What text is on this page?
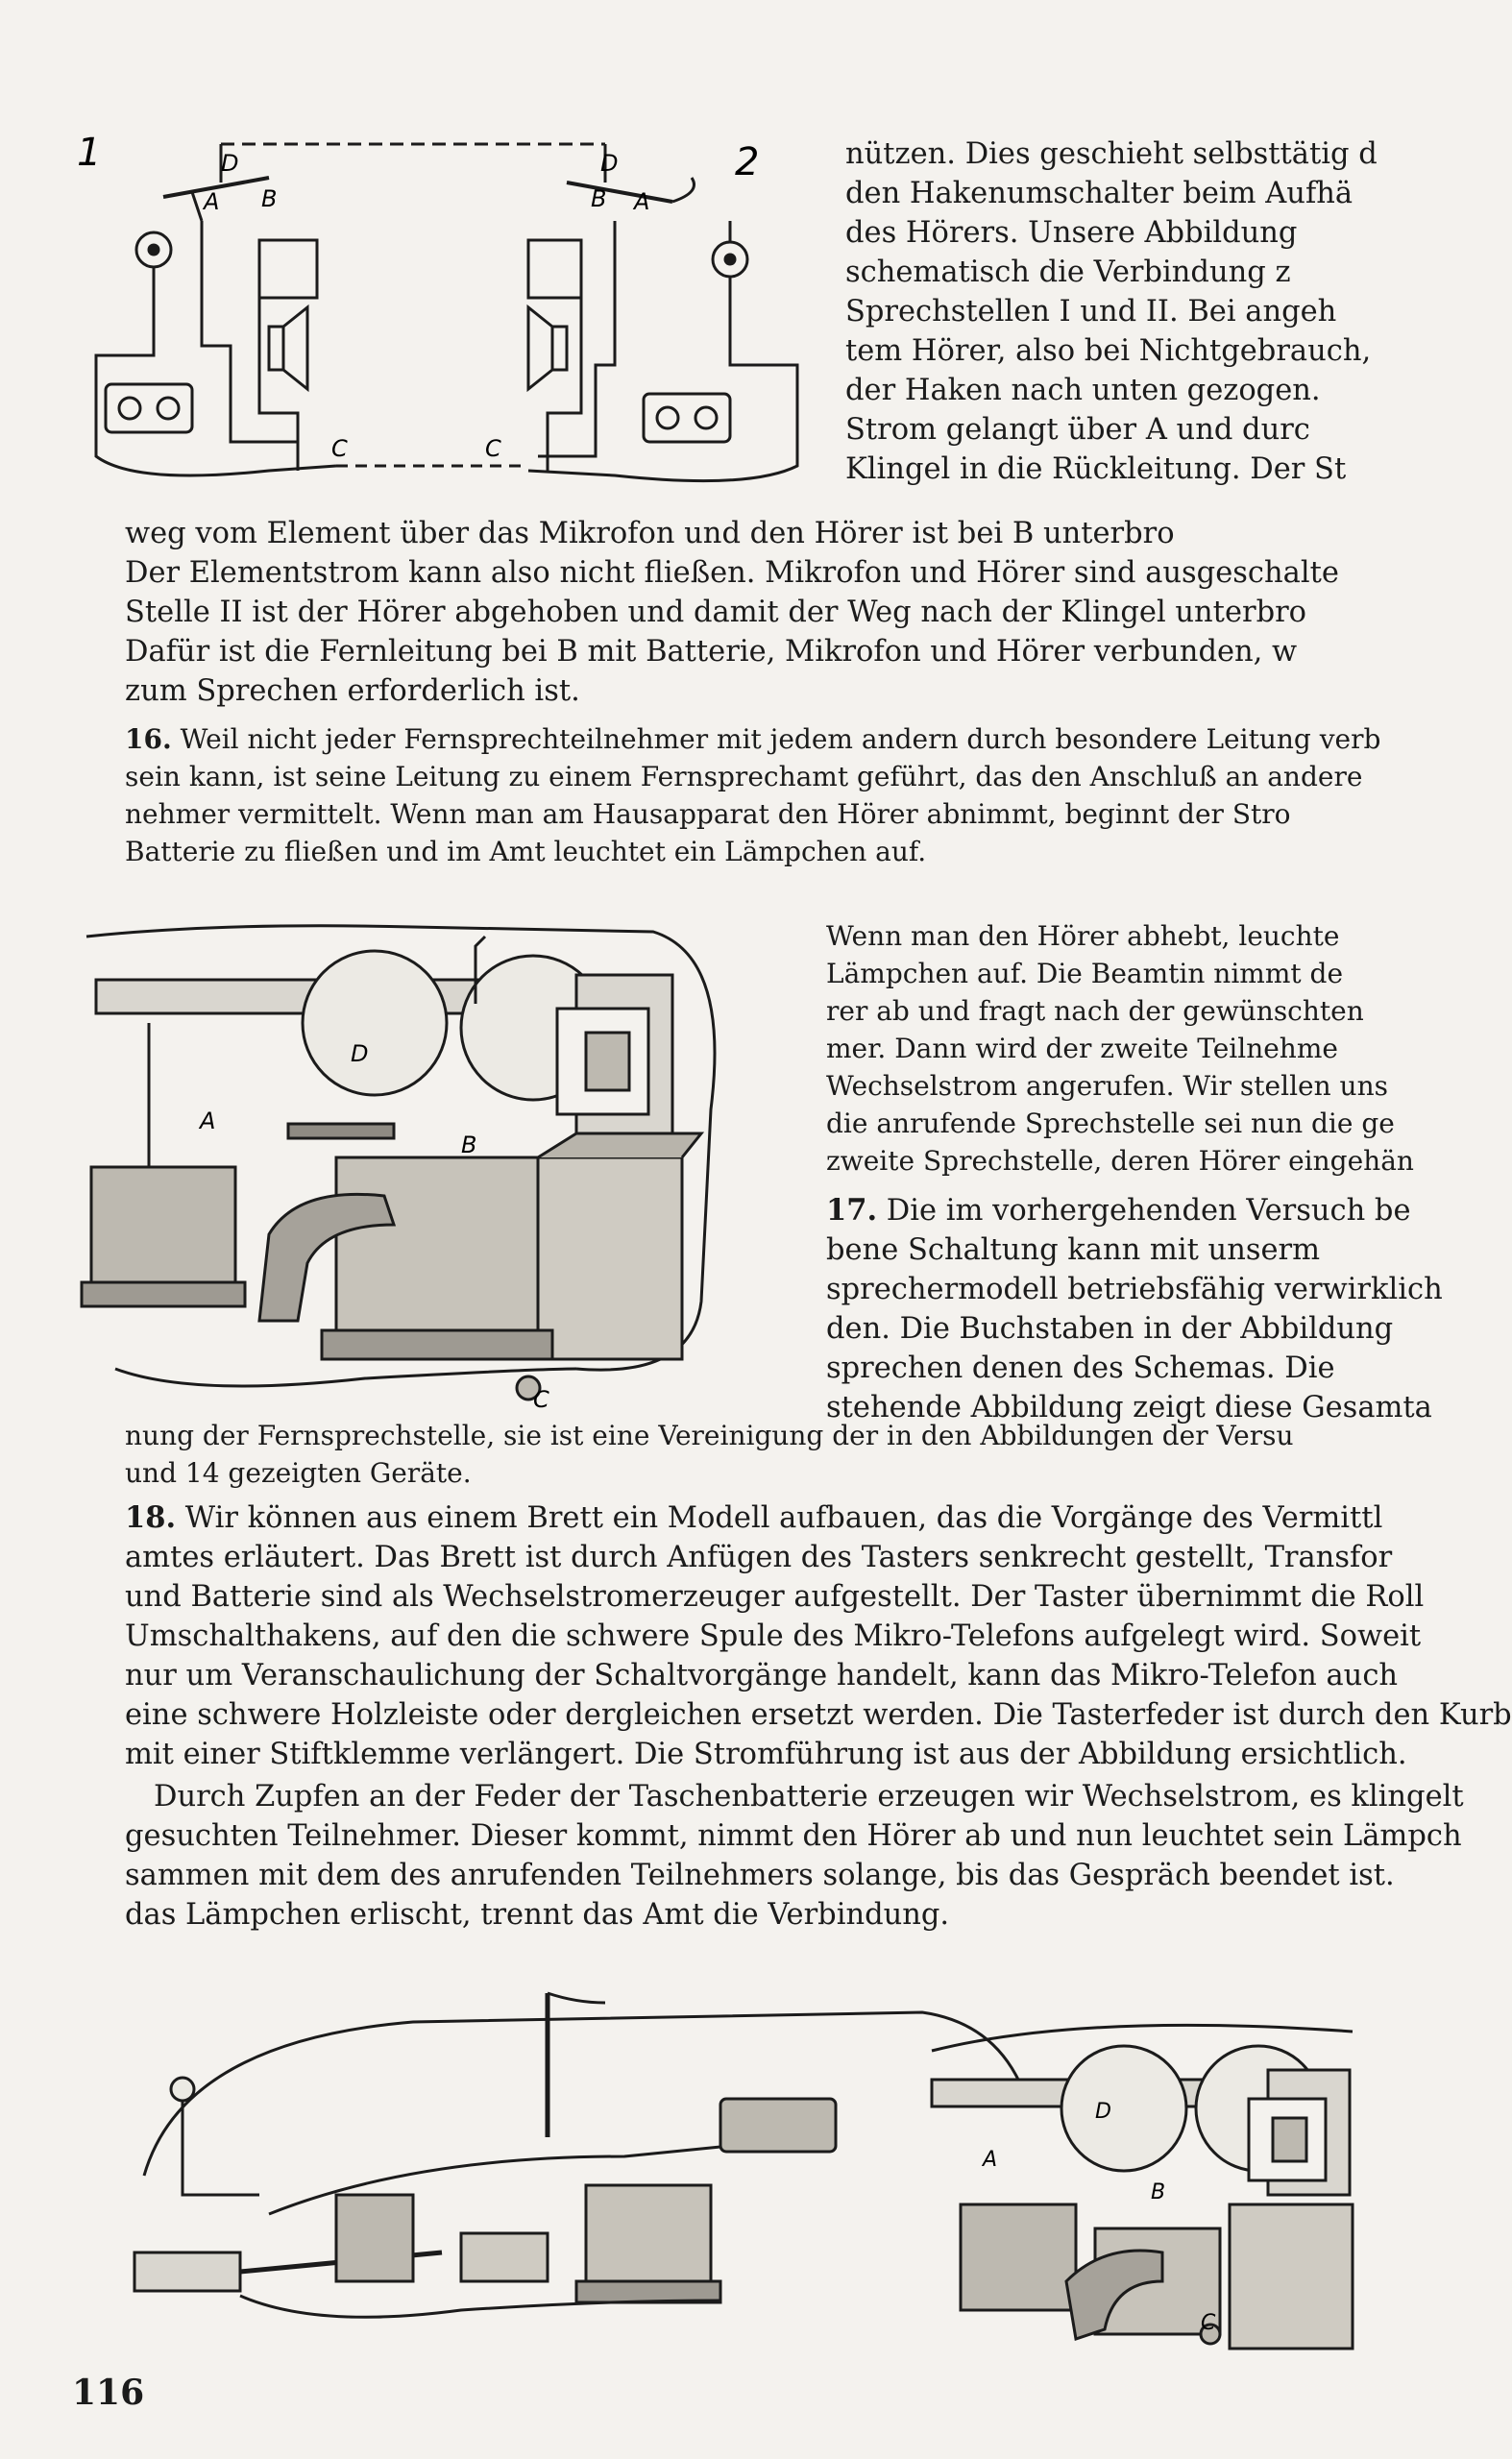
1	2
D	D
A	A
B	B
C	C
nützen. Dies geschieht selbsttätig d
den Hakenumschalter beim Aufhä
des Hörers. Unsere Abbildung
schematisch die Verbindung z
Sprechstellen I und II. Bei angeh
tem Hörer, also bei Nichtgebrauch,
der Haken nach unten gezogen.
Strom gelangt über A und durc
Klingel in die Rückleitung. Der St
weg vom Element über das Mikrofon und den Hörer ist bei B unterbro
Der Elementstrom kann also nicht fließen. Mikrofon und Hörer sind ausgeschalte
Stelle II ist der Hörer abgehoben und damit der Weg nach der Klingel unterbro
Dafür ist die Fernleitung bei B mit Batterie, Mikrofon und Hörer verbunden, w
zum Sprechen erforderlich ist.
16. Weil nicht jeder Fernsprechteilnehmer mit jedem andern durch besondere Leitung verb
sein kann, ist seine Leitung zu einem Fernsprechamt geführt, das den Anschluß an andere
nehmer vermittelt. Wenn man am Hausapparat den Hörer abnimmt, beginnt der Stro
Batterie zu fließen und im Amt leuchtet ein Lämpchen auf.
A
D
B
C
Wenn man den Hörer abhebt, leuchte
Lämpchen auf. Die Beamtin nimmt de
rer ab und fragt nach der gewünschten
mer. Dann wird der zweite Teilnehme
Wechselstrom angerufen. Wir stellen uns
die anrufende Sprechstelle sei nun die ge
zweite Sprechstelle, deren Hörer eingehän
17. Die im vorhergehenden Versuch be
bene Schaltung kann mit unserm
sprechermodell betriebsfähig verwirklich
den. Die Buchstaben in der Abbildung
sprechen denen des Schemas. Die
stehende Abbildung zeigt diese Gesamta
nung der Fernsprechstelle, sie ist eine Vereinigung der in den Abbildungen der Versu
und 14 gezeigten Geräte.
18. Wir können aus einem Brett ein Modell aufbauen, das die Vorgänge des Vermittl
amtes erläutert. Das Brett ist durch Anfügen des Tasters senkrecht gestellt, Transfor
und Batterie sind als Wechselstromerzeuger aufgestellt. Der Taster übernimmt die Roll
Umschalthakens, auf den die schwere Spule des Mikro-Telefons aufgelegt wird. Soweit
nur um Veranschaulichung der Schaltvorgänge handelt, kann das Mikro-Telefon auch
eine schwere Holzleiste oder dergleichen ersetzt werden. Die Tasterfeder ist durch den Kurb
mit einer Stiftklemme verlängert. Die Stromführung ist aus der Abbildung ersichtlich.
Durch Zupfen an der Feder der Taschenbatterie erzeugen wir Wechselstrom, es klingelt
gesuchten Teilnehmer. Dieser kommt, nimmt den Hörer ab und nun leuchtet sein Lämpch
sammen mit dem des anrufenden Teilnehmers solange, bis das Gespräch beendet ist.
das Lämpchen erlischt, trennt das Amt die Verbindung.
A
D
B
C
116
